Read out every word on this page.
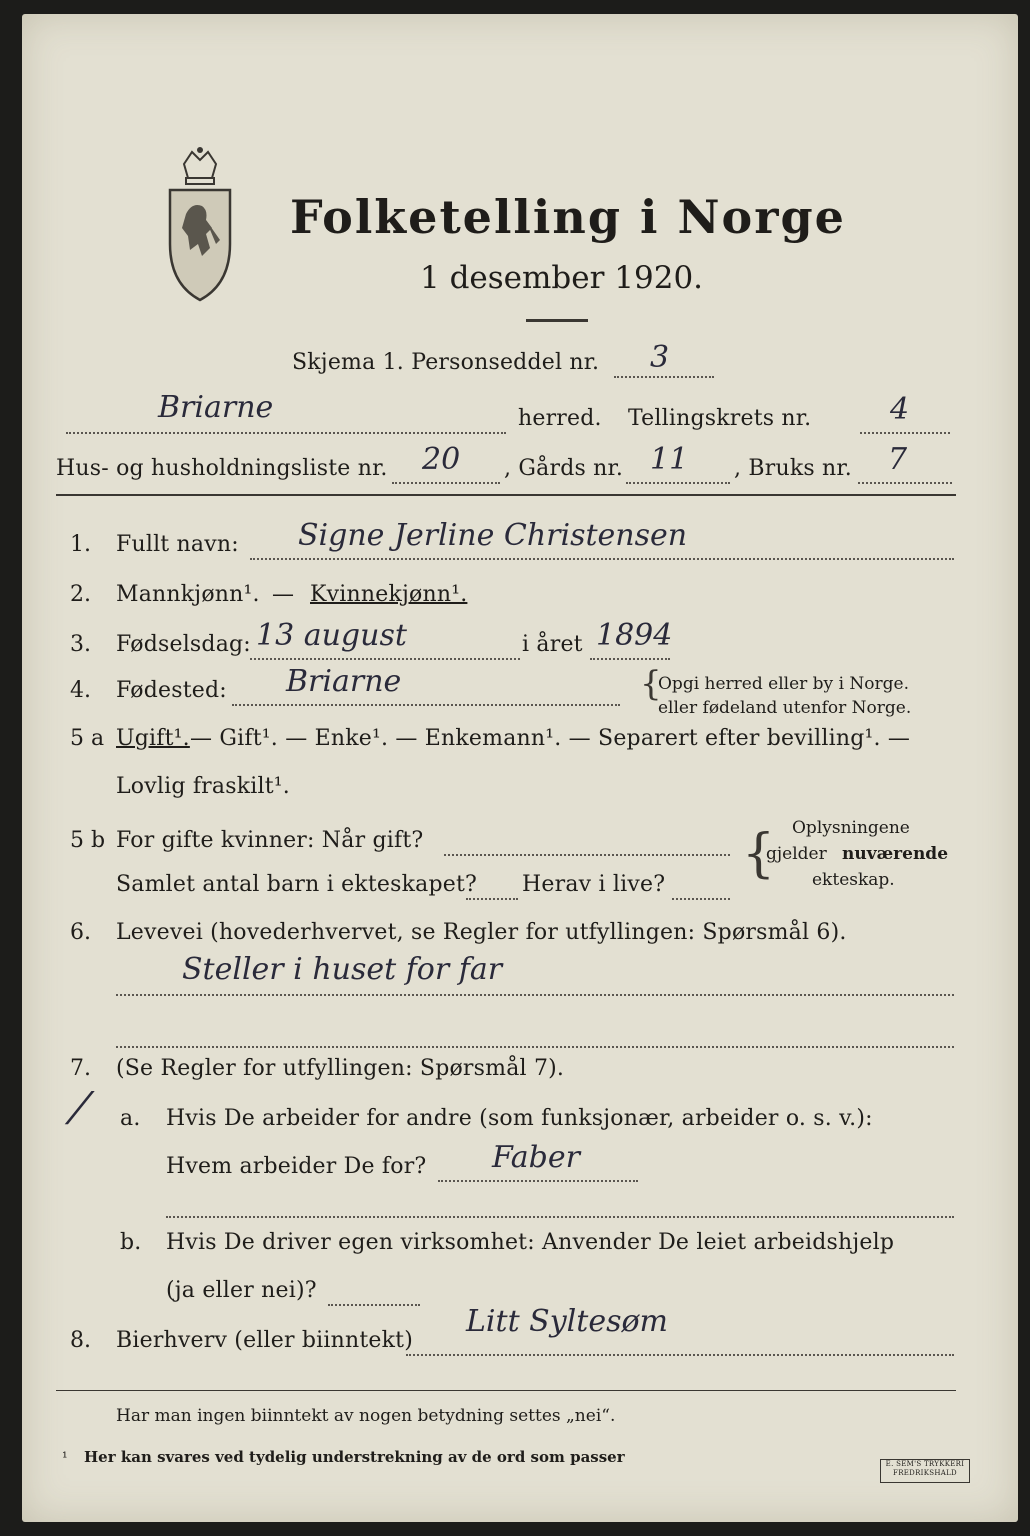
Folketelling i Norge
1 desember 1920.
Skjema 1. Personseddel nr. 3
Briarne	herred. Tellingskrets nr.	4
Hus- og husholdningsliste nr. 20 , Gårds nr. 11 , Bruks nr. 7
1. Fullt navn: Signe Jerline Christensen
2. Mannkjønn¹. — Kvinnekjønn¹.
3. Fødselsdag: 13 august	i året 1894
4. Fødested: Briarne	{
Opgi herred eller by i Norge.
eller fødeland utenfor Norge.
5 a Ugift¹. — Gift¹. — Enke¹. — Enkemann¹. — Separert efter bevilling¹. —
Lovlig fraskilt¹.
5 b For gifte kvinner: Når gift?
Samlet antal barn i ekteskapet? Herav i live?
{ Oplysningene
gjelder nuværende
ekteskap.
6. Levevei (hovederhvervet, se Regler for utfyllingen: Spørsmål 6).
Steller i huset for far
7. (Se Regler for utfyllingen: Spørsmål 7).
⁄ a. Hvis De arbeider for andre (som funksjonær, arbeider o. s. v.):
Hvem arbeider De for? Faber
b. Hvis De driver egen virksomhet: Anvender De leiet arbeidshjelp
(ja eller nei)?
8. Bierhverv (eller biinntekt)
Litt Syltesøm
Har man ingen biinntekt av nogen betydning settes „nei“.
¹ Her kan svares ved tydelig understrekning av de ord som passer	E. SEM'S TRYKKERI FREDRIKSHALD
